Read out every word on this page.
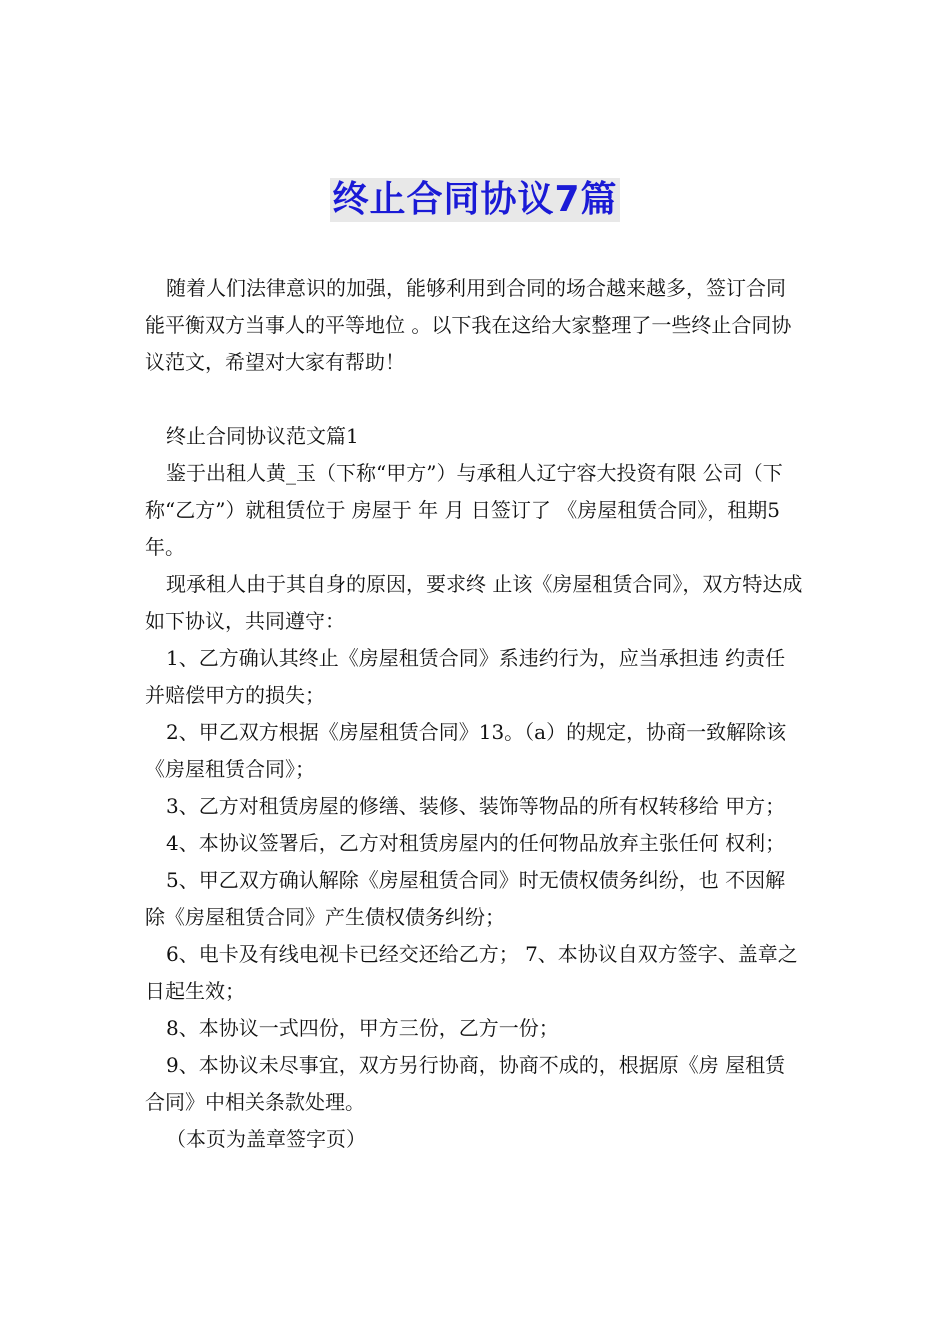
终止合同协议7篇

随着人们法律意识的加强，能够利用到合同的场合越来越多，签订合同能平衡双方当事人的平等地位 。以下我在这给大家整理了一些终止合同协议范文，希望对大家有帮助！

终止合同协议范文篇1

鉴于出租人黄_玉（下称“甲方”）与承租人辽宁容大投资有限 公司（下称“乙方”）就租赁位于 房屋于 年 月 日签订了 《房屋租赁合同》，租期5年。

现承租人由于其自身的原因，要求终 止该《房屋租赁合同》，双方特达成如下协议，共同遵守：

1、乙方确认其终止《房屋租赁合同》系违约行为，应当承担违 约责任并赔偿甲方的损失；

2、甲乙双方根据《房屋租赁合同》13。（a）的规定，协商一致解除该《房屋租赁合同》；

3、乙方对租赁房屋的修缮、装修、装饰等物品的所有权转移给 甲方；

4、本协议签署后，乙方对租赁房屋内的任何物品放弃主张任何 权利；

5、甲乙双方确认解除《房屋租赁合同》时无债权债务纠纷，也 不因解除《房屋租赁合同》产生债权债务纠纷；

6、电卡及有线电视卡已经交还给乙方； 7、本协议自双方签字、盖章之日起生效；

8、本协议一式四份，甲方三份，乙方一份；

9、本协议未尽事宜，双方另行协商，协商不成的，根据原《房 屋租赁合同》中相关条款处理。

（本页为盖章签字页）
